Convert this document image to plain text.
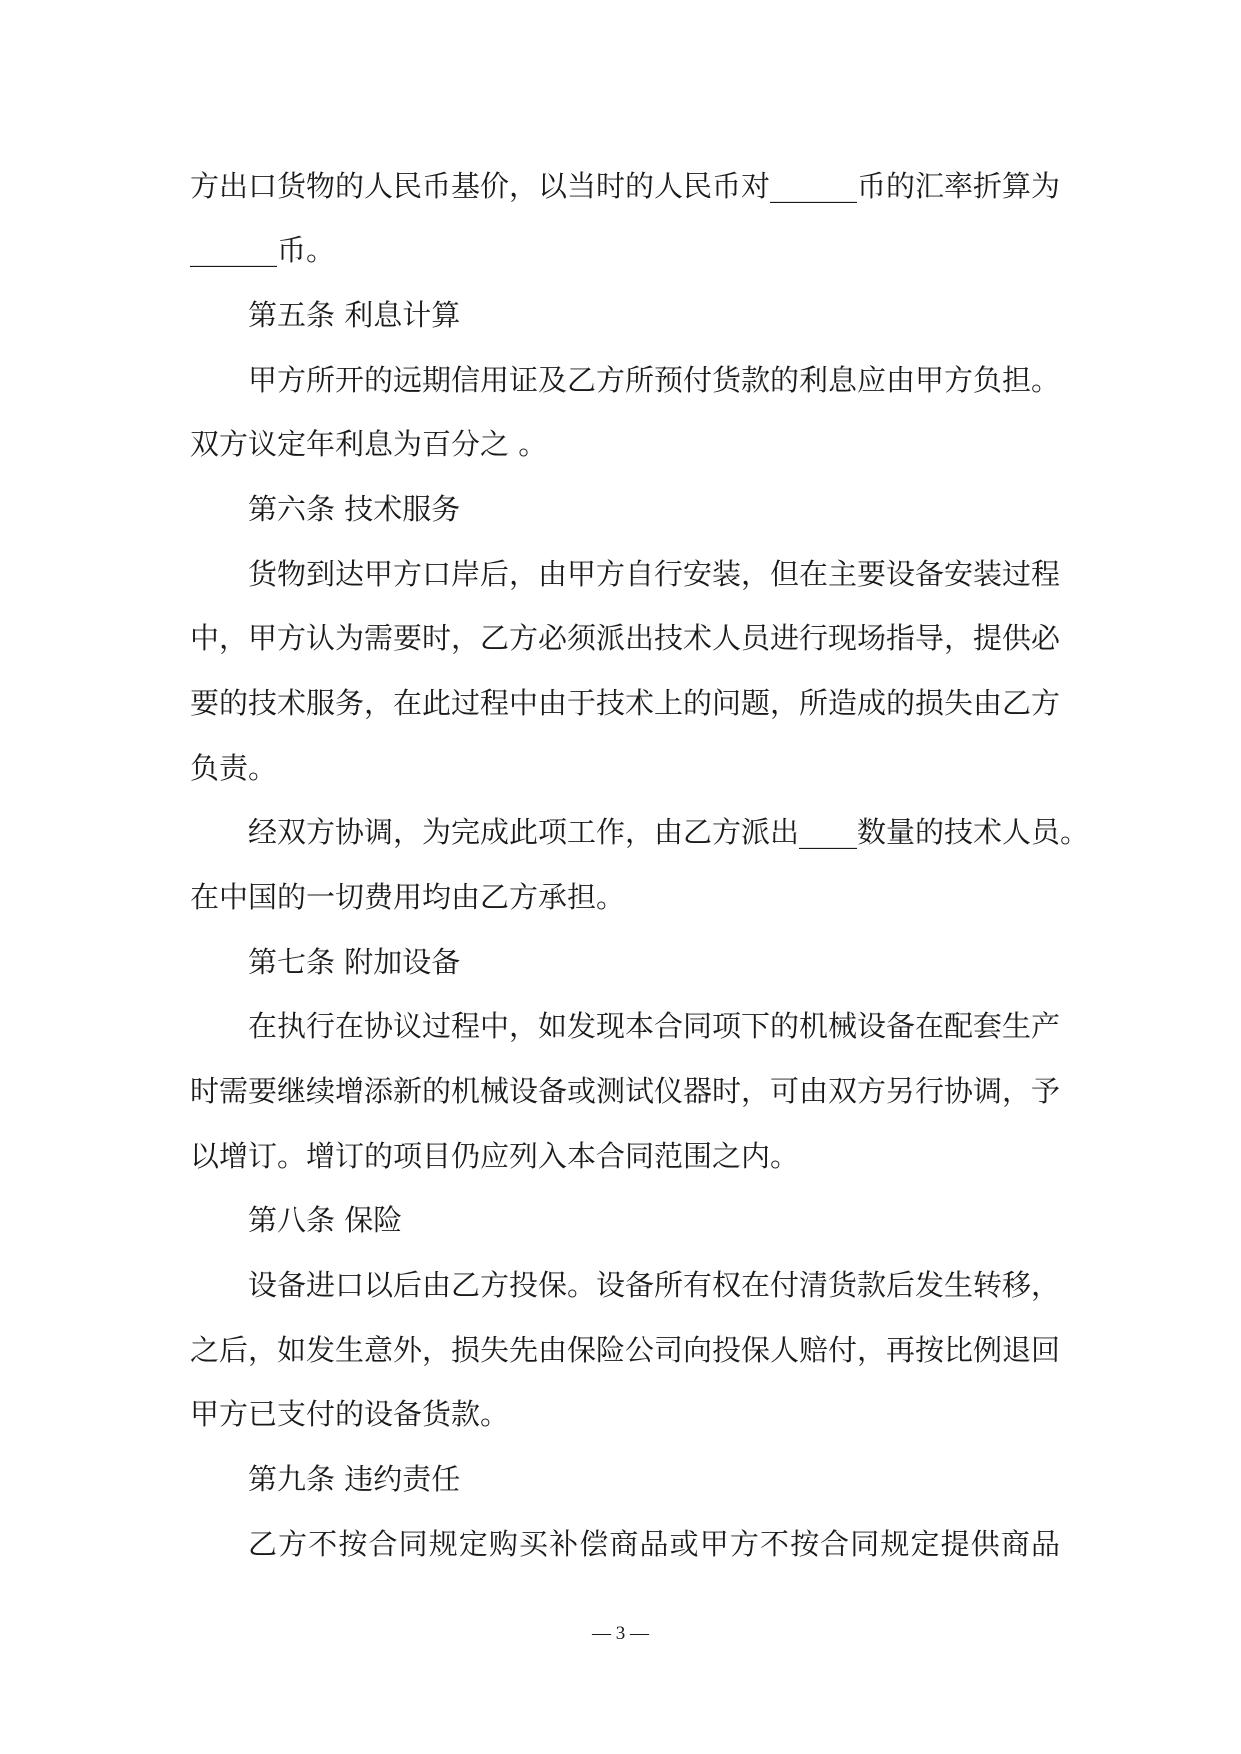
方出口货物的人民币基价，以当时的人民币对______币的汇率折算为
______币。
第五条 利息计算
甲方所开的远期信用证及乙方所预付货款的利息应由甲方负担。
双方议定年利息为百分之 。
第六条 技术服务
货物到达甲方口岸后，由甲方自行安装，但在主要设备安装过程
中，甲方认为需要时，乙方必须派出技术人员进行现场指导，提供必
要的技术服务，在此过程中由于技术上的问题，所造成的损失由乙方
负责。
经双方协调，为完成此项工作，由乙方派出____数量的技术人员。
在中国的一切费用均由乙方承担。
第七条 附加设备
在执行在协议过程中，如发现本合同项下的机械设备在配套生产
时需要继续增添新的机械设备或测试仪器时，可由双方另行协调，予
以增订。增订的项目仍应列入本合同范围之内。
第八条 保险
设备进口以后由乙方投保。设备所有权在付清货款后发生转移，
之后，如发生意外，损失先由保险公司向投保人赔付，再按比例退回
甲方已支付的设备货款。
第九条 违约责任
乙方不按合同规定购买补偿商品或甲方不按合同规定提供商品
— 3 —
